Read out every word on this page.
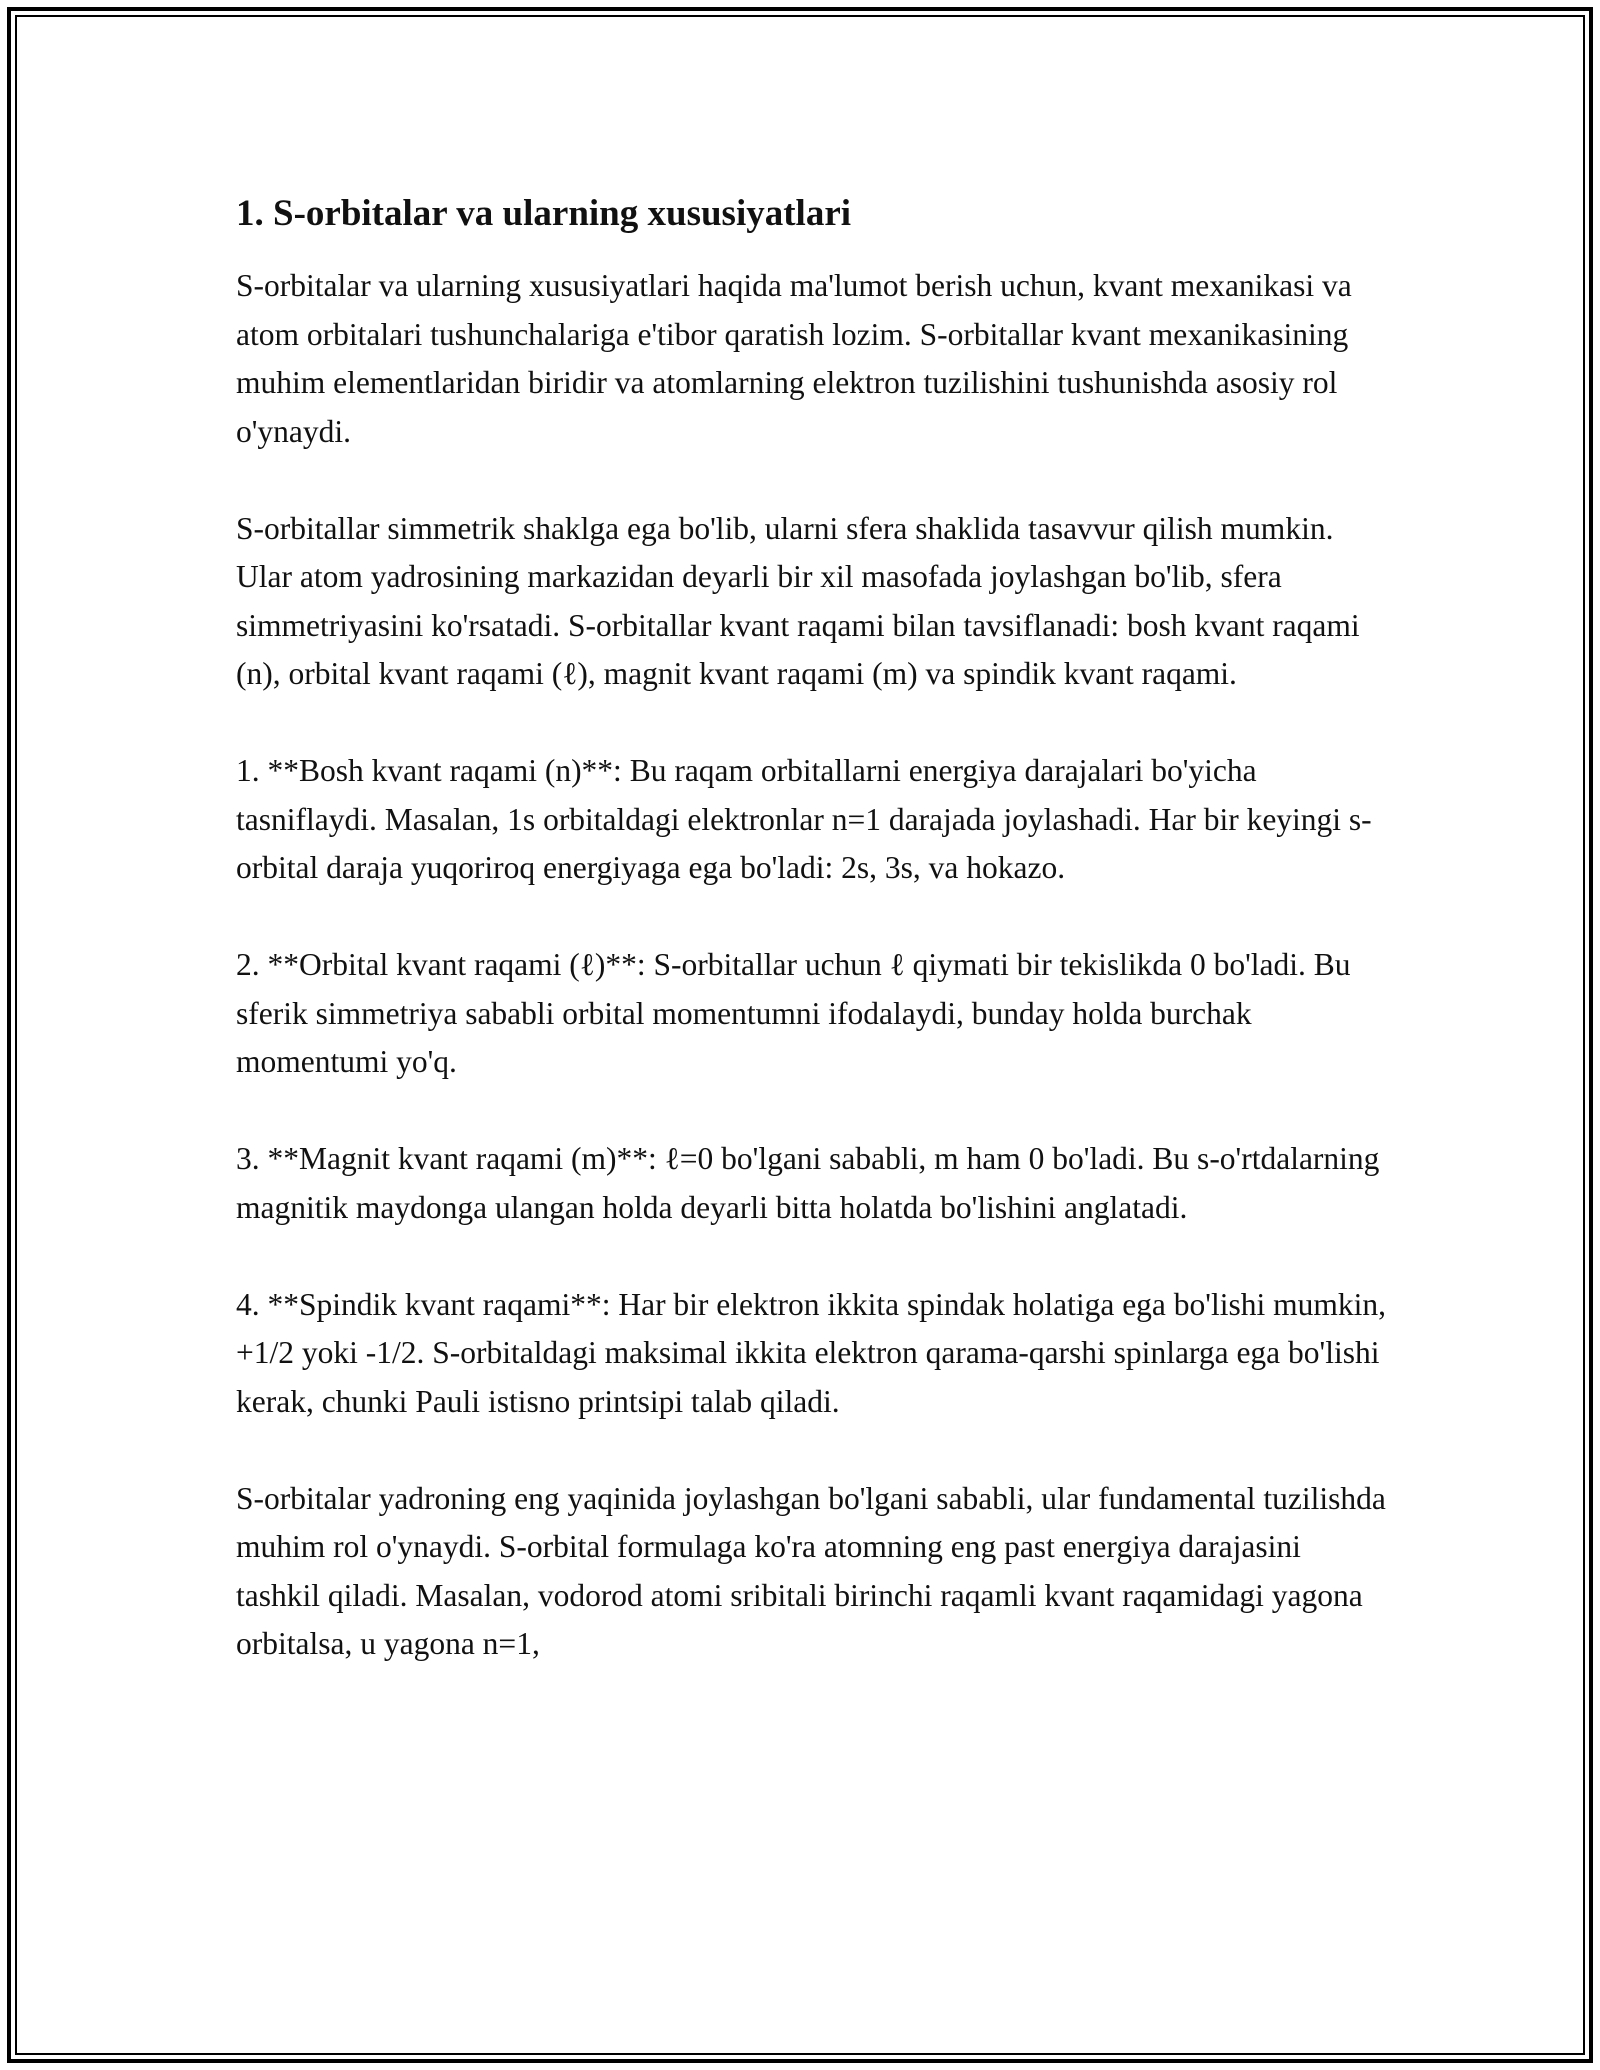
1. S-orbitalar va ularning xususiyatlari

S-orbitalar va ularning xususiyatlari haqida ma'lumot berish uchun, kvant mexanikasi va atom orbitalari tushunchalariga e'tibor qaratish lozim. S-orbitallar kvant mexanikasining muhim elementlaridan biridir va atomlarning elektron tuzilishini tushunishda asosiy rol o'ynaydi.

S-orbitallar simmetrik shaklga ega bo'lib, ularni sfera shaklida tasavvur qilish mumkin. Ular atom yadrosining markazidan deyarli bir xil masofada joylashgan bo'lib, sfera simmetriyasini ko'rsatadi. S-orbitallar kvant raqami bilan tavsiflanadi: bosh kvant raqami (n), orbital kvant raqami (ℓ), magnit kvant raqami (m) va spindik kvant raqami.

1. **Bosh kvant raqami (n)**: Bu raqam orbitallarni energiya darajalari bo'yicha tasniflaydi. Masalan, 1s orbitaldagi elektronlar n=1 darajada joylashadi. Har bir keyingi s-orbital daraja yuqoriroq energiyaga ega bo'ladi: 2s, 3s, va hokazo.

2. **Orbital kvant raqami (ℓ)**: S-orbitallar uchun ℓ qiymati bir tekislikda 0 bo'ladi. Bu sferik simmetriya sababli orbital momentumni ifodalaydi, bunday holda burchak momentumi yo'q.

3. **Magnit kvant raqami (m)**: ℓ=0 bo'lgani sababli, m ham 0 bo'ladi. Bu s-o'rtdalarning magnitik maydonga ulangan holda deyarli bitta holatda bo'lishini anglatadi.

4. **Spindik kvant raqami**: Har bir elektron ikkita spindak holatiga ega bo'lishi mumkin, +1/2 yoki -1/2. S-orbitaldagi maksimal ikkita elektron qarama-qarshi spinlarga ega bo'lishi kerak, chunki Pauli istisno printsipi talab qiladi.

S-orbitalar yadroning eng yaqinida joylashgan bo'lgani sababli, ular fundamental tuzilishda muhim rol o'ynaydi. S-orbital formulaga ko'ra atomning eng past energiya darajasini tashkil qiladi. Masalan, vodorod atomi sribitali birinchi raqamli kvant raqamidagi yagona orbitalsa, u yagona n=1,
